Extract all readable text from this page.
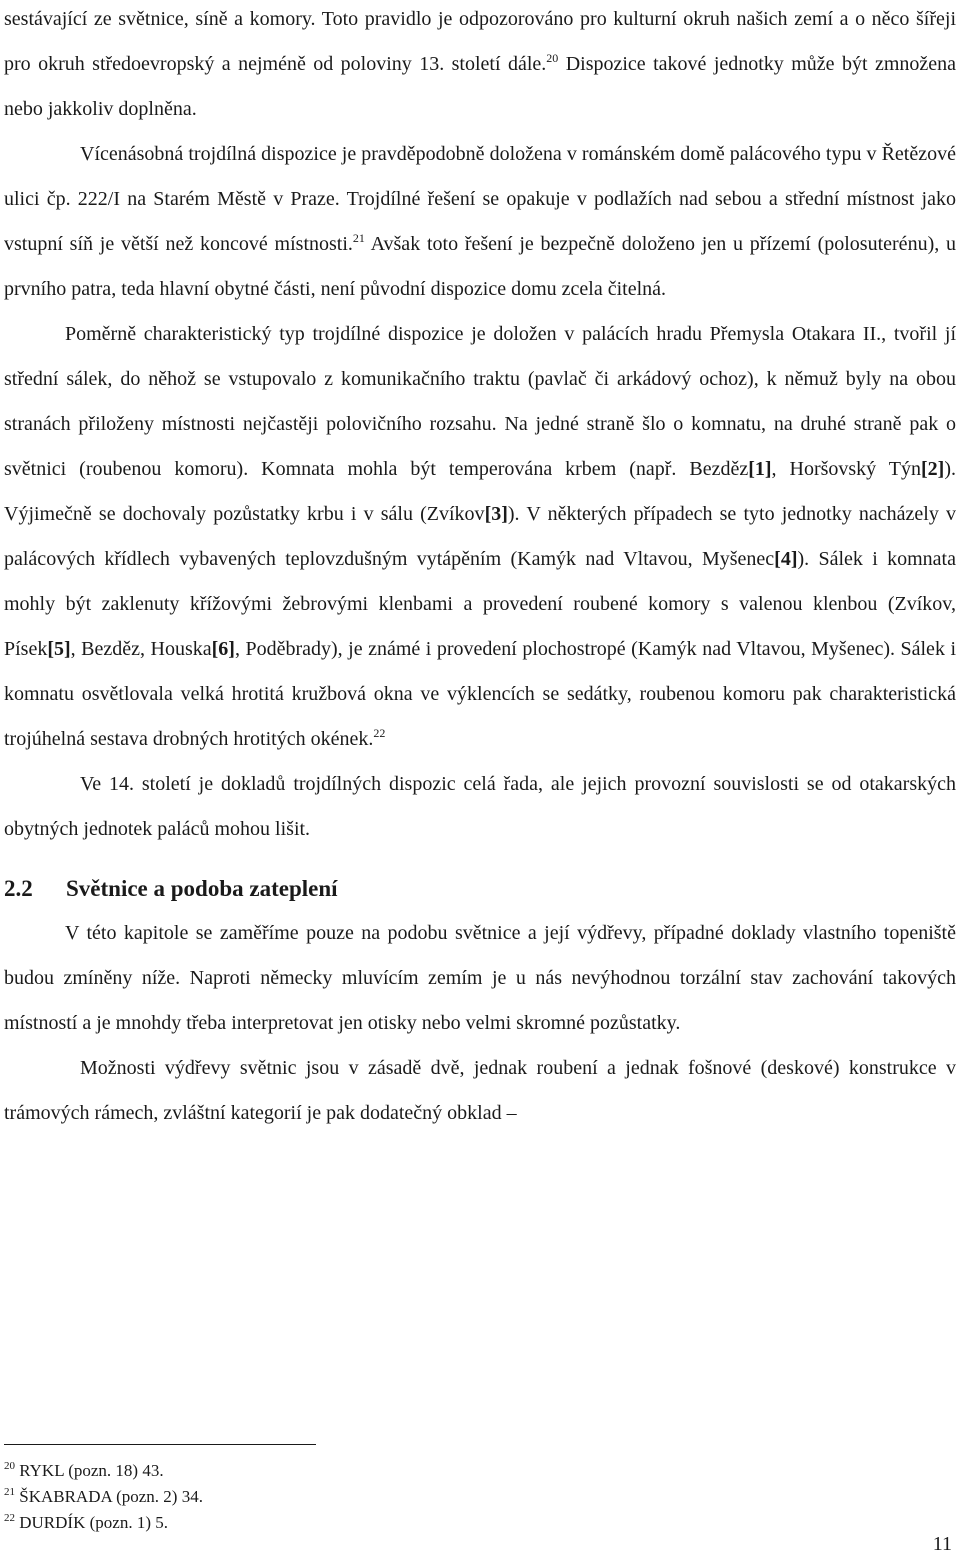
sestávající ze světnice, síně a komory. Toto pravidlo je odpozorováno pro kulturní okruh našich zemí a o něco šířeji pro okruh středoevropský a nejméně od poloviny 13. století dále.$^{20}$ Dispozice takové jednotky může být zmnožena nebo jakkoliv doplněna.

Vícenásobná trojdílná dispozice je pravděpodobně doložena v románském domě palácového typu v Řetězové ulici čp. 222/I na Starém Městě v Praze. Trojdílné řešení se opakuje v podlažích nad sebou a střední místnost jako vstupní síň je větší než koncové místnosti.$^{21}$ Avšak toto řešení je bezpečně doloženo jen u přízemí (polosuterénu), u prvního patra, teda hlavní obytné části, není původní dispozice domu zcela čitelná.

Poměrně charakteristický typ trojdílné dispozice je doložen v palácích hradu Přemysla Otakara II., tvořil jí střední sálek, do něhož se vstupovalo z komunikačního traktu (pavlač či arkádový ochoz), k němuž byly na obou stranách přiloženy místnosti nejčastěji polovičního rozsahu. Na jedné straně šlo o komnatu, na druhé straně pak o světnici (roubenou komoru). Komnata mohla být temperována krbem (např. Bezděz[1], Horšovský Týn[2]). Výjimečně se dochovaly pozůstatky krbu i v sálu (Zvíkov[3]). V některých případech se tyto jednotky nacházely v palácových křídlech vybavených teplovzdušným vytápěním (Kamýk nad Vltavou, Myšenec[4]). Sálek i komnata mohly být zaklenuty křížovými žebrovými klenbami a provedení roubené komory s valenou klenbou (Zvíkov, Písek[5], Bezděz, Houska[6], Poděbrady), je známé i provedení plochostropé (Kamýk nad Vltavou, Myšenec). Sálek i komnatu osvětlovala velká hrotitá kružbová okna ve výklencích se sedátky, roubenou komoru pak charakteristická trojúhelná sestava drobných hrotitých okének.$^{22}$

Ve 14. století je dokladů trojdílných dispozic celá řada, ale jejich provozní souvislosti se od otakarských obytných jednotek paláců mohou lišit.

2.2	Světnice a podoba zateplení

V této kapitole se zaměříme pouze na podobu světnice a její výdřevy, případné doklady vlastního topeniště budou zmíněny níže. Naproti německy mluvícím zemím je u nás nevýhodnou torzální stav zachování takových místností a je mnohdy třeba interpretovat jen otisky nebo velmi skromné pozůstatky.

Možnosti výdřevy světnic jsou v zásadě dvě, jednak roubení a jednak fošnové (deskové) konstrukce v trámových rámech, zvláštní kategorií je pak dodatečný obklad –

$^{20}$ RYKL (pozn. 18) 43.
$^{21}$ ŠKABRADA (pozn. 2) 34.
$^{22}$ DURDÍK (pozn. 1) 5.
11
